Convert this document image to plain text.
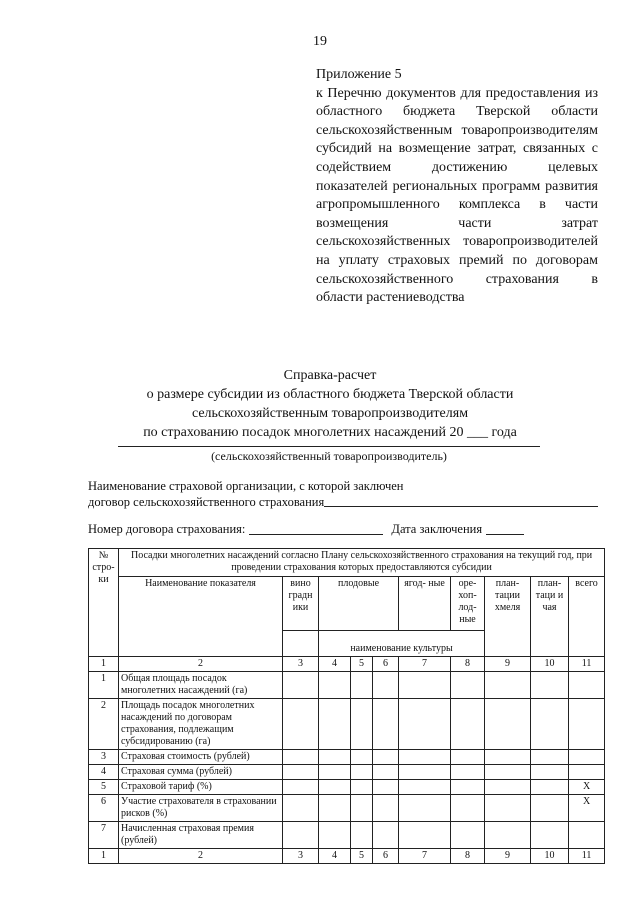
19
Приложение 5
к Перечню документов для предоставления из областного бюджета Тверской области сельскохозяйственным товаропроизводителям субсидий на возмещение затрат, связанных с содействием достижению целевых показателей региональных программ развития агропромышленного комплекса в части возмещения части затрат сельскохозяйственных товаропроизводителей на уплату страховых премий по договорам сельскохозяйственного страхования в
области растениеводства
Справка-расчет
о размере субсидии из областного бюджета Тверской области
сельскохозяйственным товаропроизводителям
по страхованию посадок многолетних насаждений 20 ___ года
(сельскохозяйственный товаропроизводитель)
Наименование страховой организации, с которой заключен
договор сельскохозяйственного страхования
Номер договора страхования:	Дата заключения
№ стро- ки	Посадки многолетних насаждений согласно Плану сельскохозяйственного страхования на текущий год, при проведении страхования которых предоставляются субсидии									
	Наименование показателя	вино градн ики	плодовые			ягод- ные	оре- хоп- лод- ные	план- тации хмеля	план- таци и чая	всего
			наименование культуры							
1	2	3	4	5	6	7	8	9	10	11
1	Общая площадь посадок многолетних насаждений (га)									
2	Площадь посадок многолетних насаждений по договорам страхования, подлежащим субсидированию (га)									
3	Страховая стоимость (рублей)									
4	Страховая сумма (рублей)									
5	Страховой тариф (%)									X
6	Участие страхователя в страховании рисков (%)									X
7	Начисленная страховая премия (рублей)									
1	2	3	4	5	6	7	8	9	10	11
